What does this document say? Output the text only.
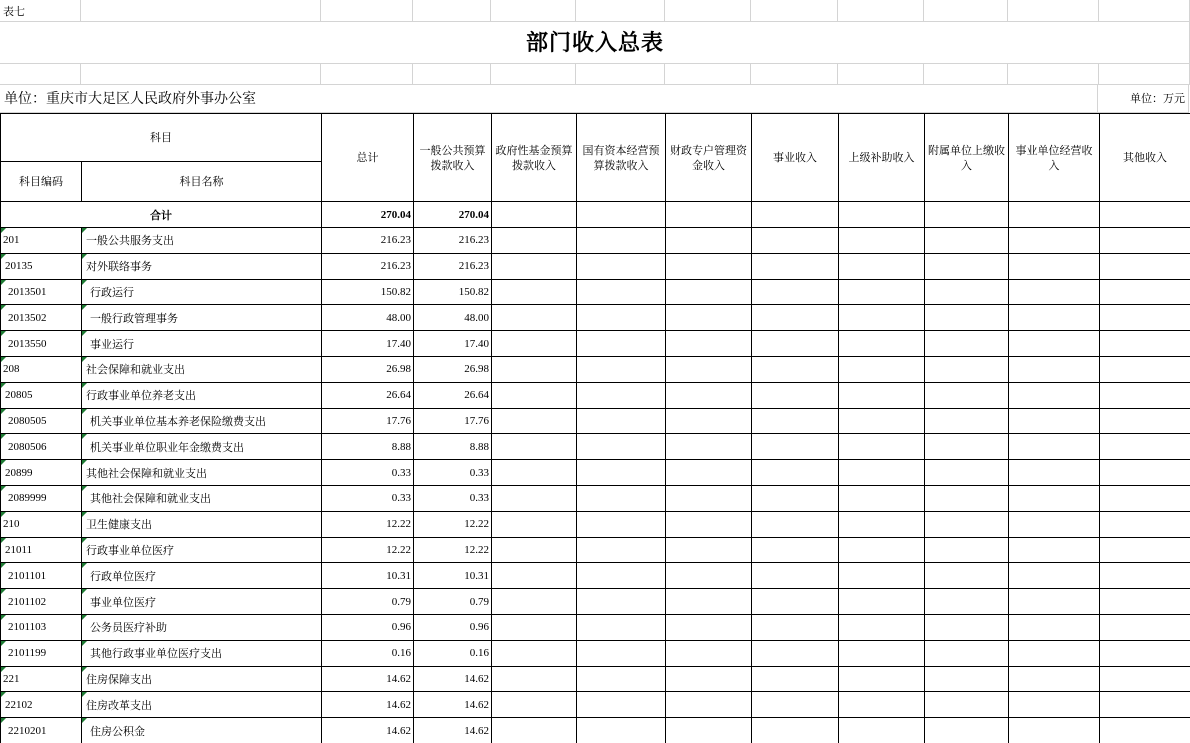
表七
部门收入总表
单位：重庆市大足区人民政府外事办公室	单位：万元
科目		总计	一般公共预算拨款收入	政府性基金预算拨款收入	国有资本经营预算拨款收入	财政专户管理资金收入	事业收入	上级补助收入	附属单位上缴收入	事业单位经营收入	其他收入
科目编码	科目名称										
合计		270.04	270.04								

201	一般公共服务支出	216.23	216.23								

20135	对外联络事务	216.23	216.23								

2013501	行政运行	150.82	150.82								

2013502	一般行政管理事务	48.00	48.00								

2013550	事业运行	17.40	17.40								

208	社会保障和就业支出	26.98	26.98								

20805	行政事业单位养老支出	26.64	26.64								

2080505	机关事业单位基本养老保险缴费支出	17.76	17.76								

2080506	机关事业单位职业年金缴费支出	8.88	8.88								

20899	其他社会保障和就业支出	0.33	0.33								

2089999	其他社会保障和就业支出	0.33	0.33								

210	卫生健康支出	12.22	12.22								

21011	行政事业单位医疗	12.22	12.22								

2101101	行政单位医疗	10.31	10.31								

2101102	事业单位医疗	0.79	0.79								

2101103	公务员医疗补助	0.96	0.96								

2101199	其他行政事业单位医疗支出	0.16	0.16								

221	住房保障支出	14.62	14.62								

22102	住房改革支出	14.62	14.62								

2210201	住房公积金	14.62	14.62								
